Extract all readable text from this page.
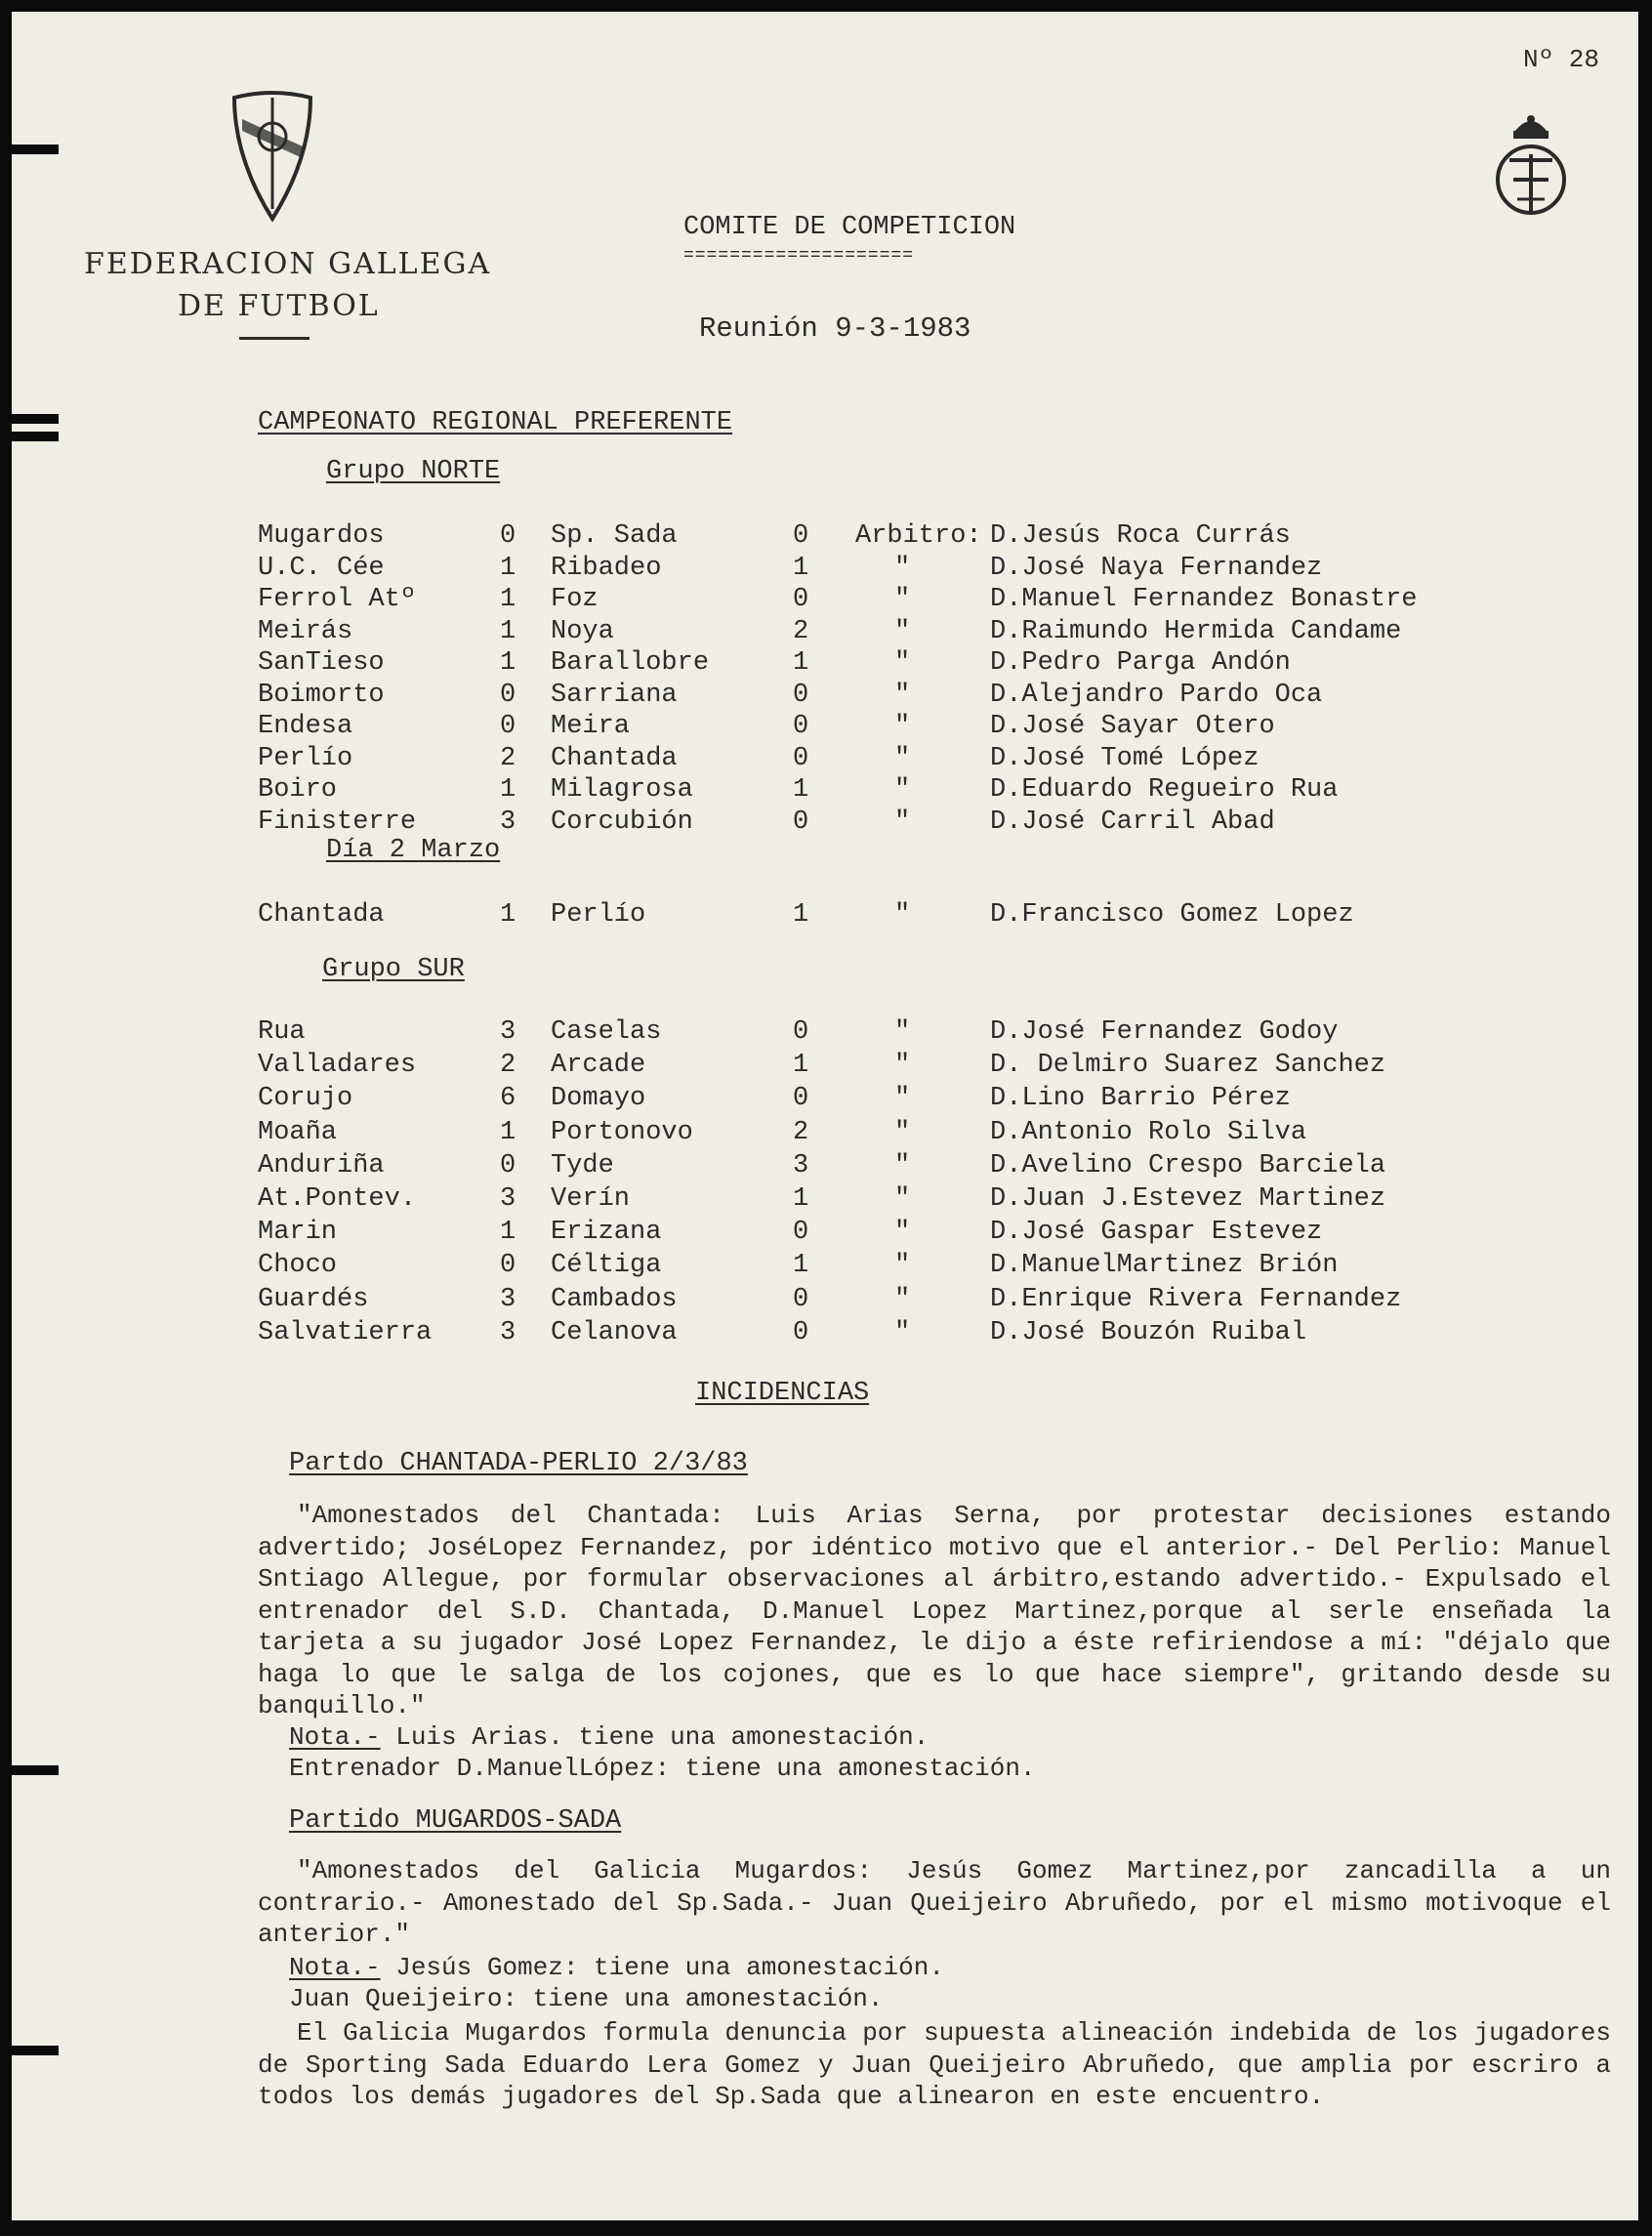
Nº 28
FEDERACION GALLEGA
DE FUTBOL
COMITE DE COMPETICION
====================
Reunión 9-3-1983
CAMPEONATO REGIONAL PREFERENTE
Grupo NORTE
Mugardos	0 Sp. Sada	0 Arbitro: D.Jesús Roca Currás
U.C. Cée	1 Ribadeo	1	"	D.José Naya Fernandez
Ferrol Atº	1 Foz	0	"	D.Manuel Fernandez Bonastre
Meirás	1 Noya	2	"	D.Raimundo Hermida Candame
SanTieso	1 Barallobre	1	"	D.Pedro Parga Andón
Boimorto	0 Sarriana	0	"	D.Alejandro Pardo Oca
Endesa	0 Meira	0	"	D.José Sayar Otero
Perlío	2 Chantada	0	"	D.José Tomé López
Boiro	1 Milagrosa	1	"	D.Eduardo Regueiro Rua
Finisterre	3 Corcubión	0	"	D.José Carril Abad
Día 2 Marzo
Chantada	1 Perlío	1	"	D.Francisco Gomez Lopez
Grupo SUR
Rua	3 Caselas	0	"	D.José Fernandez Godoy
Valladares	2 Arcade	1	"	D. Delmiro Suarez Sanchez
Corujo	6 Domayo	0	"	D.Lino Barrio Pérez
Moaña	1 Portonovo	2	"	D.Antonio Rolo Silva
Anduriña	0 Tyde	3	"	D.Avelino Crespo Barciela
At.Pontev.	3 Verín	1	"	D.Juan J.Estevez Martinez
Marin	1 Erizana	0	"	D.José Gaspar Estevez
Choco	0 Céltiga	1	"	D.ManuelMartinez Brión
Guardés	3 Cambados	0	"	D.Enrique Rivera Fernandez
Salvatierra	3 Celanova	0	"	D.José Bouzón Ruibal
INCIDENCIAS
Partdo CHANTADA-PERLIO 2/3/83
"Amonestados del Chantada: Luis Arias Serna, por protestar decisiones estando advertido; JoséLopez Fernandez, por idéntico motivo que el anterior.- Del Perlio: Manuel Sntiago Allegue, por formular observaciones al árbitro,estando advertido.- Expulsado el entrenador del S.D. Chantada, D.Manuel Lopez Martinez,porque al serle enseñada la tarjeta a su jugador José Lopez Fernandez, le dijo a éste refiriendose a mí: "déjalo que haga lo que le salga de los cojones, que es lo que hace siempre", gritando desde su banquillo."
Nota.- Luis Arias. tiene una amonestación.
Entrenador D.ManuelLópez: tiene una amonestación.
Partido MUGARDOS-SADA
"Amonestados del Galicia Mugardos: Jesús Gomez Martinez,por zancadilla a un contrario.- Amonestado del Sp.Sada.- Juan Queijeiro Abruñedo, por el mismo motivoque el anterior."
Nota.- Jesús Gomez: tiene una amonestación.
Juan Queijeiro: tiene una amonestación.
El Galicia Mugardos formula denuncia por supuesta alineación indebida de los jugadores de Sporting Sada Eduardo Lera Gomez y Juan Queijeiro Abruñedo, que amplia por escriro a todos los demás jugadores del Sp.Sada que alinearon en este encuentro.
